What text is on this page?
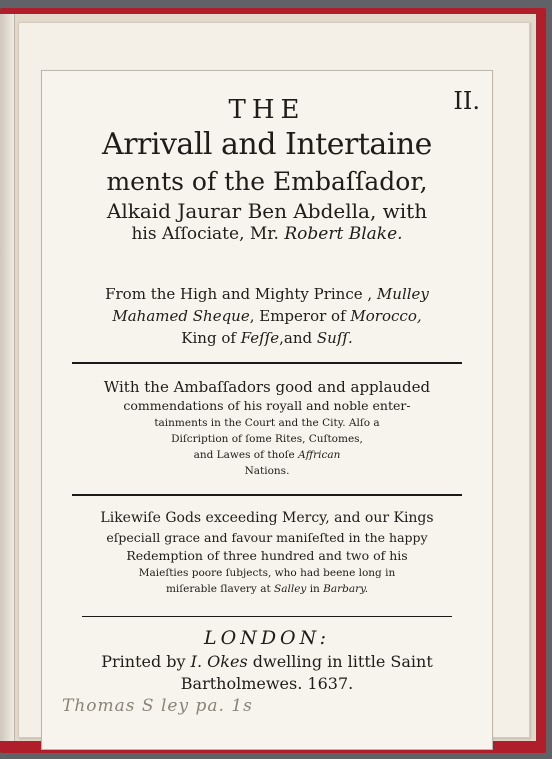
II.
THE
Arrivall and Intertaine
ments of the Embaſſador,
Alkaid Jaurar Ben Abdella, with
his Aſſociate, Mr. Robert Blake.
From the High and Mighty Prince , Mulley
Mahamed Sheque, Emperor of Morocco,
King of Feſſe,and Suſſ.
With the Ambaſſadors good and applauded
commendations of his royall and noble enter-
tainments in the Court and the City. Alſo a
Diſcription of ſome Rites, Cuſtomes,
and Lawes of thoſe Affrican
Nations.
Likewiſe Gods exceeding Mercy, and our Kings
eſpeciall grace and favour maniſeſted in the happy
Redemption of three hundred and two of his
Maieſties poore ſubjects, who had beene long in
miſerable ſlavery at Salley in Barbary.
LONDON:
Printed by I. Okes dwelling in little Saint
Bartholmewes. 1637.
Thomas S ley pa. 1s
